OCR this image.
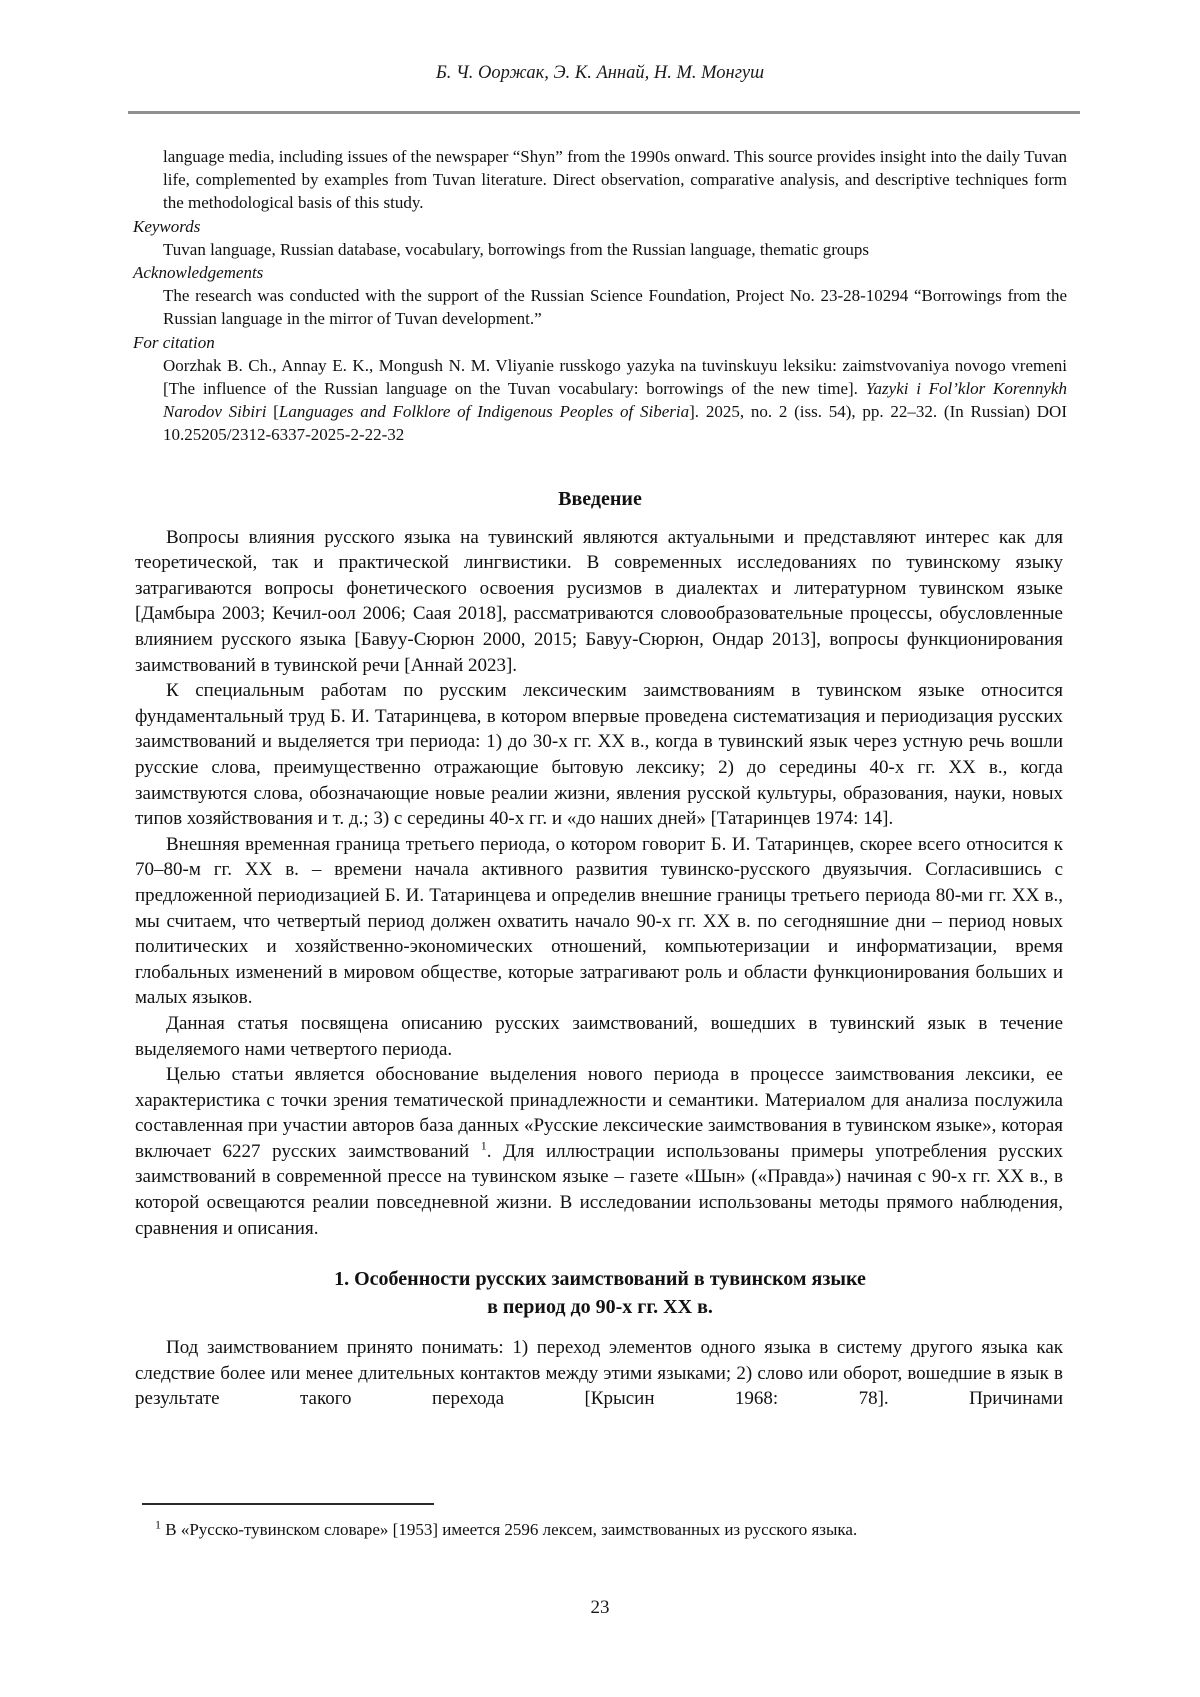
Б. Ч. Ооржак, Э. К. Аннай, Н. М. Монгуш

language media, including issues of the newspaper “Shyn” from the 1990s onward. This source provides insight into the daily Tuvan life, complemented by examples from Tuvan literature. Direct observation, comparative analysis, and descriptive techniques form the methodological basis of this study.

Keywords

Tuvan language, Russian database, vocabulary, borrowings from the Russian language, thematic groups

Acknowledgements

The research was conducted with the support of the Russian Science Foundation, Project No. 23-28-10294 “Borrowings from the Russian language in the mirror of Tuvan development.”

For citation

Oorzhak B. Ch., Annay E. K., Mongush N. M. Vliyanie russkogo yazyka na tuvinskuyu leksiku: zaimstvovaniya novogo vremeni [The influence of the Russian language on the Tuvan vocabulary: borrowings of the new time]. Yazyki i Fol’klor Korennykh Narodov Sibiri [Languages and Folklore of Indigenous Peoples of Siberia]. 2025, no. 2 (iss. 54), pp. 22–32. (In Russian) DOI 10.25205/2312-6337-2025-2-22-32

Введение

Вопросы влияния русского языка на тувинский являются актуальными и представляют интерес как для теоретической, так и практической лингвистики. В современных исследованиях по тувинскому языку затрагиваются вопросы фонетического освоения русизмов в диалектах и литературном тувинском языке [Дамбыра 2003; Кечил-оол 2006; Саая 2018], рассматриваются словообразовательные процессы, обусловленные влиянием русского языка [Бавуу-Сюрюн 2000, 2015; Бавуу-Сюрюн, Ондар 2013], вопросы функционирования заимствований в тувинской речи [Аннай 2023].

К специальным работам по русским лексическим заимствованиям в тувинском языке относится фундаментальный труд Б. И. Татаринцева, в котором впервые проведена систематизация и периодизация русских заимствований и выделяется три периода: 1) до 30-х гг. XX в., когда в тувинский язык через устную речь вошли русские слова, преимущественно отражающие бытовую лексику; 2) до середины 40-х гг. XX в., когда заимствуются слова, обозначающие новые реалии жизни, явления русской культуры, образования, науки, новых типов хозяйствования и т. д.; 3) с середины 40-х гг. и «до наших дней» [Татаринцев 1974: 14].

Внешняя временная граница третьего периода, о котором говорит Б. И. Татаринцев, скорее всего относится к 70–80-м гг. XX в. – времени начала активного развития тувинско-русского двуязычия. Согласившись с предложенной периодизацией Б. И. Татаринцева и определив внешние границы третьего периода 80-ми гг. XX в., мы считаем, что четвертый период должен охватить начало 90-х гг. XX в. по сегодняшние дни – период новых политических и хозяйственно-экономических отношений, компьютеризации и информатизации, время глобальных изменений в мировом обществе, которые затрагивают роль и области функционирования больших и малых языков.

Данная статья посвящена описанию русских заимствований, вошедших в тувинский язык в течение выделяемого нами четвертого периода.

Целью статьи является обоснование выделения нового периода в процессе заимствования лексики, ее характеристика с точки зрения тематической принадлежности и семантики. Материалом для анализа послужила составленная при участии авторов база данных «Русские лексические заимствования в тувинском языке», которая включает 6227 русских заимствований $^1$. Для иллюстрации использованы примеры употребления русских заимствований в современной прессе на тувинском языке – газете «Шын» («Правда») начиная с 90-х гг. XX в., в которой освещаются реалии повседневной жизни. В исследовании использованы методы прямого наблюдения, сравнения и описания.

1. Особенности русских заимствований в тувинском языке
в период до 90-х гг. XX в.

Под заимствованием принято понимать: 1) переход элементов одного языка в систему другого языка как следствие более или менее длительных контактов между этими языками; 2) слово или оборот, вошедшие в язык в результате такого перехода [Крысин 1968: 78]. Причинами

$^1$ В «Русско-тувинском словаре» [1953] имеется 2596 лексем, заимствованных из русского языка.

23
